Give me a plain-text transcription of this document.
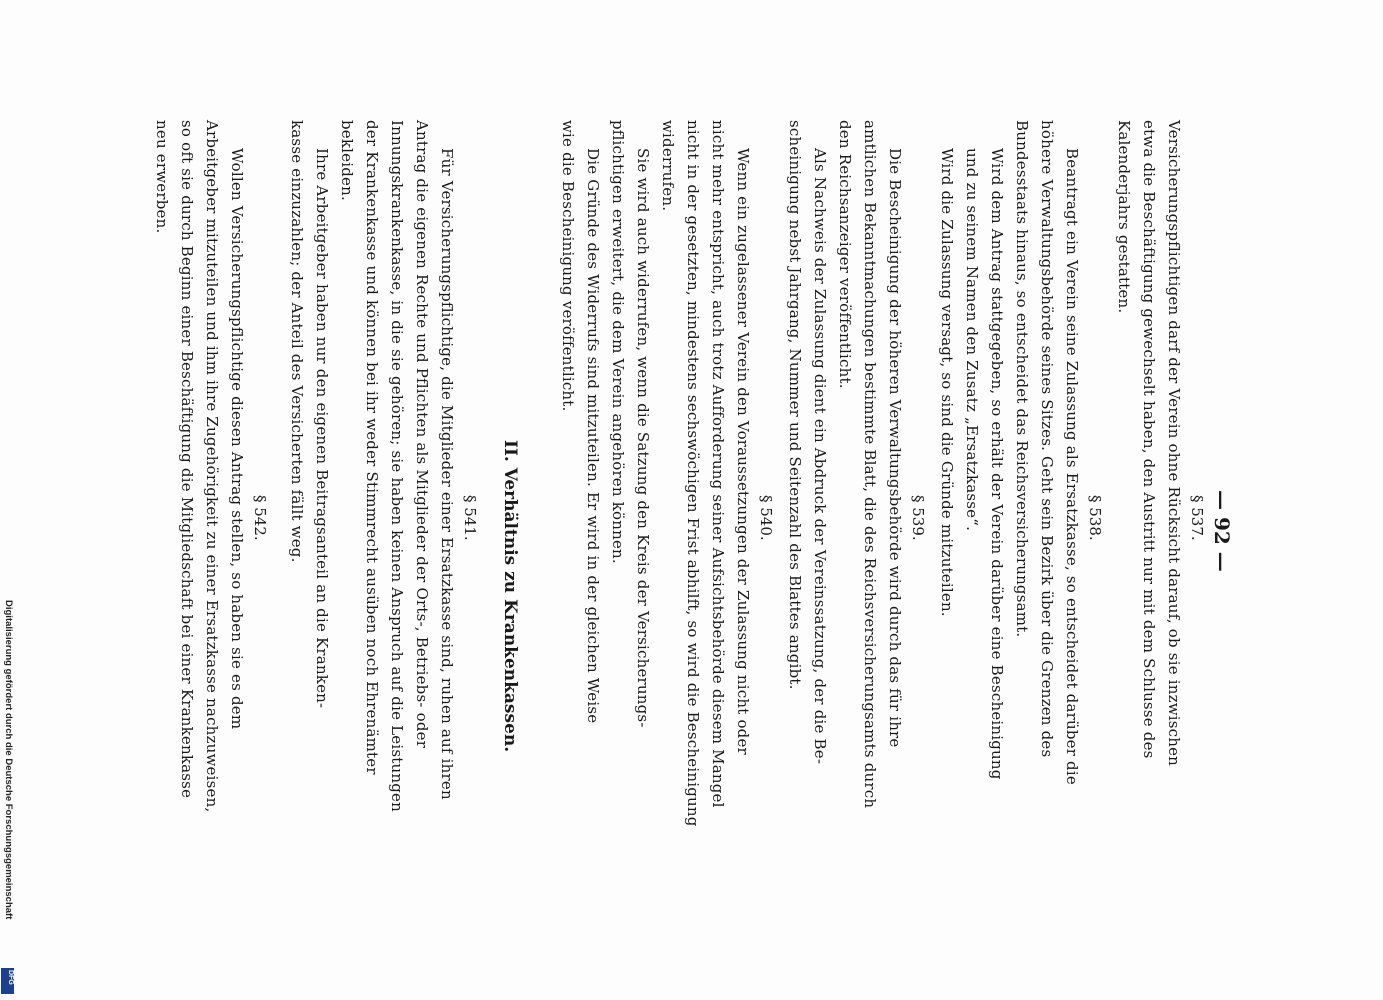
— 92 —
§ 537.
Versicherungspflichtigen darf der Verein ohne Rücksicht darauf, ob sie inzwischen
etwa die Beschäftigung gewechselt haben, den Austritt nur mit dem Schlusse des
Kalenderjahrs gestatten.
§ 538.
Beantragt ein Verein seine Zulassung als Ersatzkasse, so entscheidet darüber die
höhere Verwaltungsbehörde seines Sitzes. Geht sein Bezirk über die Grenzen des
Bundesstaats hinaus, so entscheidet das Reichsversicherungsamt.
Wird dem Antrag stattgegeben, so erhält der Verein darüber eine Bescheinigung
und zu seinem Namen den Zusatz „Ersatzkasse“.
Wird die Zulassung versagt, so sind die Gründe mitzuteilen.
§ 539.
Die Bescheinigung der höheren Verwaltungsbehörde wird durch das für ihre
amtlichen Bekanntmachungen bestimmte Blatt, die des Reichsversicherungsamts durch
den Reichsanzeiger veröffentlicht.
Als Nachweis der Zulassung dient ein Abdruck der Vereinssatzung, der die Be-
scheinigung nebst Jahrgang, Nummer und Seitenzahl des Blattes angibt.
§ 540.
Wenn ein zugelassener Verein den Voraussetzungen der Zulassung nicht oder
nicht mehr entspricht, auch trotz Aufforderung seiner Aufsichtsbehörde diesem Mangel
nicht in der gesetzten, mindestens sechswöchigen Frist abhilft, so wird die Bescheinigung
widerrufen.
Sie wird auch widerrufen, wenn die Satzung den Kreis der Versicherungs-
pflichtigen erweitert, die dem Verein angehören können.
Die Gründe des Widerrufs sind mitzuteilen. Er wird in der gleichen Weise
wie die Bescheinigung veröffentlicht.
II. Verhältnis zu Krankenkassen.
§ 541.
Für Versicherungspflichtige, die Mitglieder einer Ersatzkasse sind, ruhen auf ihren
Antrag die eigenen Rechte und Pflichten als Mitglieder der Orts-, Betriebs- oder
Innungskrankenkasse, in die sie gehören; sie haben keinen Anspruch auf die Leistungen
der Krankenkasse und können bei ihr weder Stimmrecht ausüben noch Ehrenämter
bekleiden.
Ihre Arbeitgeber haben nur den eigenen Beitragsanteil an die Kranken-
kasse einzuzahlen; der Anteil des Versicherten fällt weg.
§ 542.
Wollen Versicherungspflichtige diesen Antrag stellen, so haben sie es dem
Arbeitgeber mitzuteilen und ihm ihre Zugehörigkeit zu einer Ersatzkasse nachzuweisen,
so oft sie durch Beginn einer Beschäftigung die Mitgliedschaft bei einer Krankenkasse
neu erwerben.
Digitalisierung gefördert durch die Deutsche Forschungsgemeinschaft
DFG
